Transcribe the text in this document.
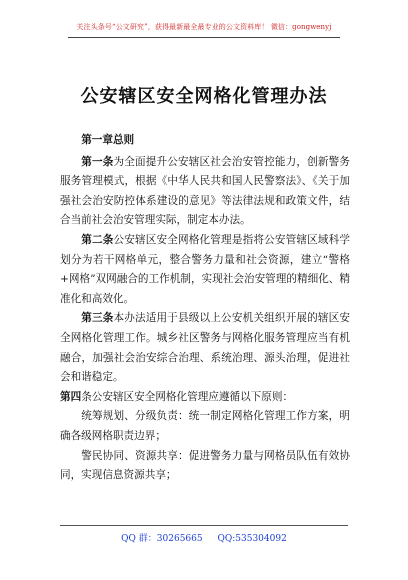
关注头条号“公文研究”，获得最新最全最专业的公文资料库！ 微信：gongwenyj
公安辖区安全网格化管理办法

第一章总则

第一条为全面提升公安辖区社会治安管控能力，创新警务服务管理模式，根据《中华人民共和国人民警察法》、《关于加强社会治安防控体系建设的意见》等法律法规和政策文件，结合当前社会治安管理实际，制定本办法。

第二条公安辖区安全网格化管理是指将公安管辖区域科学划分为若干网格单元，整合警务力量和社会资源，建立“警格+网格”双网融合的工作机制，实现社会治安管理的精细化、精准化和高效化。

第三条本办法适用于县级以上公安机关组织开展的辖区安全网格化管理工作。城乡社区警务与网格化服务管理应当有机融合，加强社会治安综合治理、系统治理、源头治理，促进社会和谐稳定。

第四条公安辖区安全网格化管理应遵循以下原则：

统筹规划、分级负责：统一制定网格化管理工作方案，明确各级网格职责边界；

警民协同、资源共享：促进警务力量与网格员队伍有效协同，实现信息资源共享；

QQ 群：30265665 QQ:535304092
